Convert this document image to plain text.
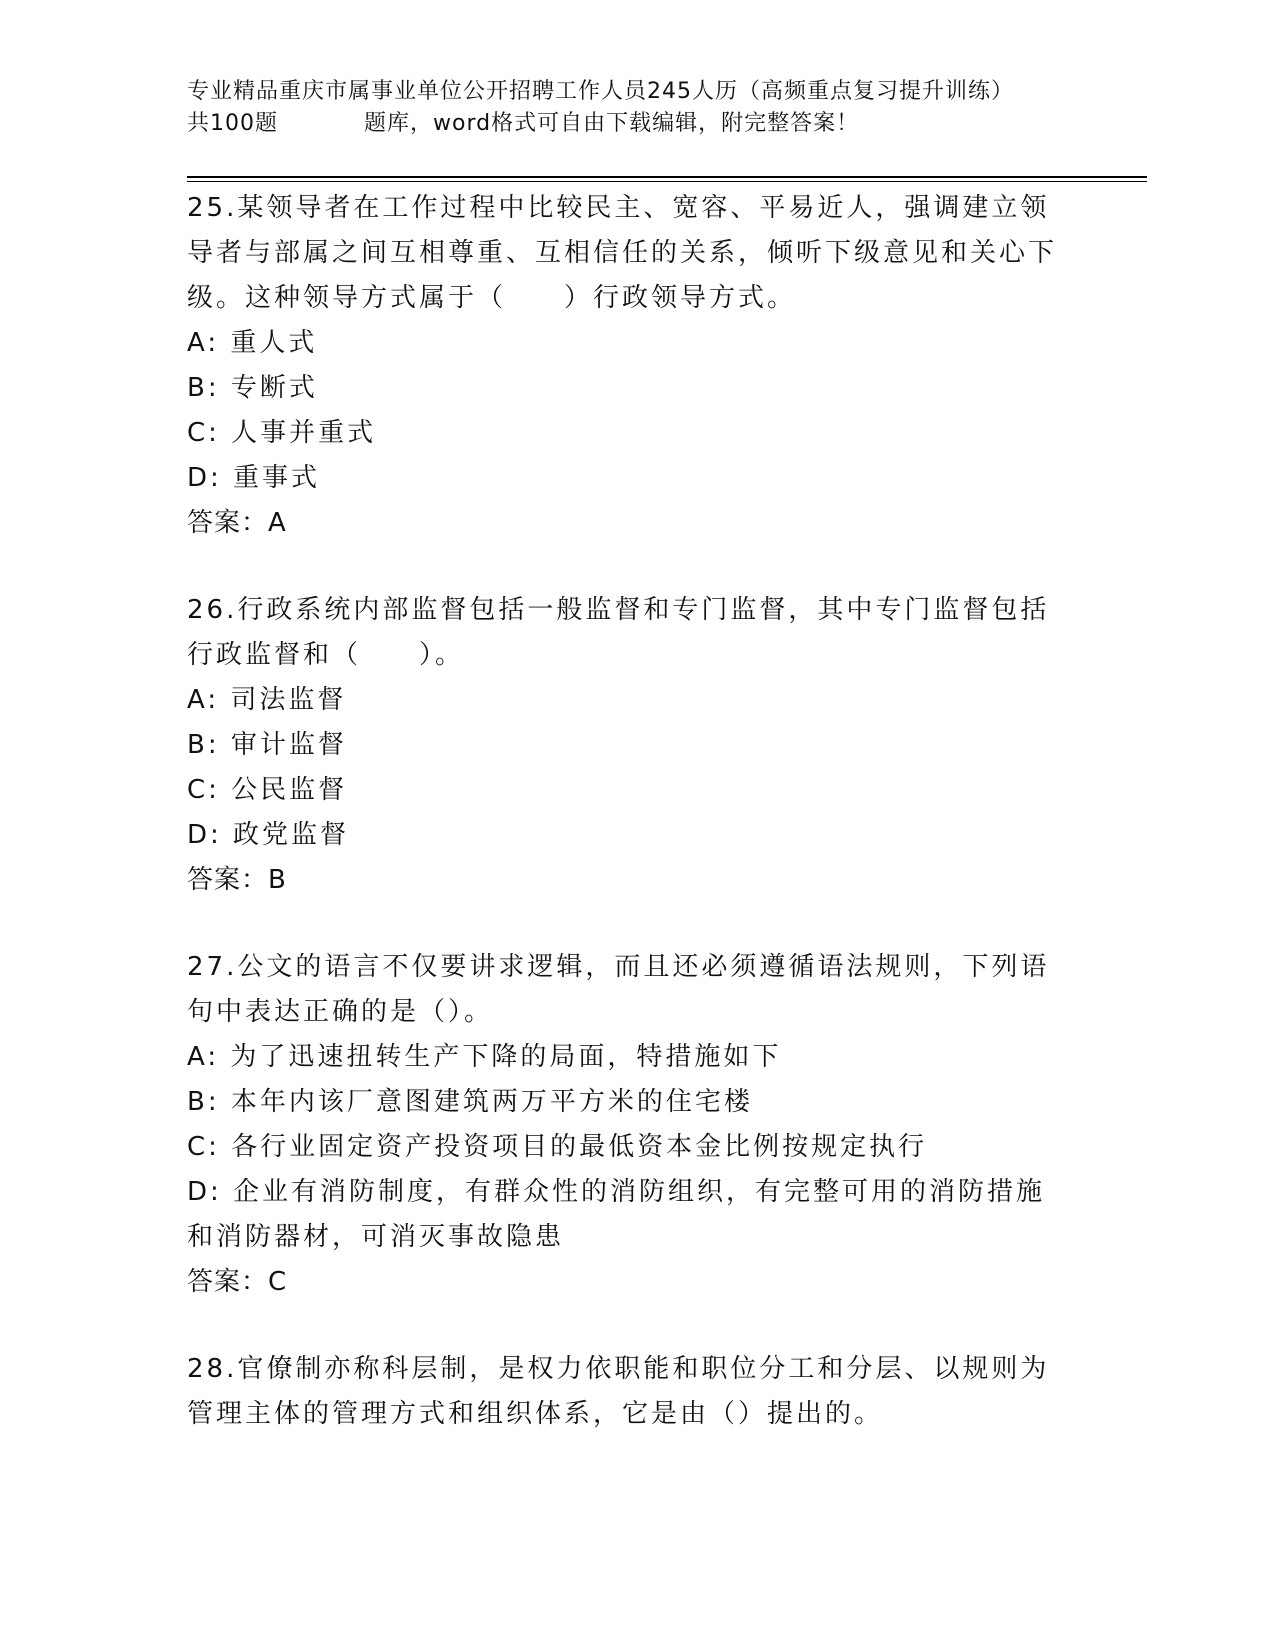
专业精品重庆市属事业单位公开招聘工作人员245人历（高频重点复习提升训练）
共100题	题库，word格式可自由下载编辑，附完整答案！

25.某领导者在工作过程中比较民主、宽容、平易近人，强调建立领导者与部属之间互相尊重、互相信任的关系，倾听下级意见和关心下级。这种领导方式属于（　　）行政领导方式。

A: 重人式

B: 专断式

C: 人事并重式

D: 重事式

答案：A

26.行政系统内部监督包括一般监督和专门监督，其中专门监督包括行政监督和（　　）。

A: 司法监督

B: 审计监督

C: 公民监督

D: 政党监督

答案：B

27.公文的语言不仅要讲求逻辑，而且还必须遵循语法规则，下列语句中表达正确的是（）。

A: 为了迅速扭转生产下降的局面，特措施如下

B: 本年内该厂意图建筑两万平方米的住宅楼

C: 各行业固定资产投资项目的最低资本金比例按规定执行

D: 企业有消防制度，有群众性的消防组织，有完整可用的消防措施和消防器材，可消灭事故隐患

答案：C

28.官僚制亦称科层制，是权力依职能和职位分工和分层、以规则为管理主体的管理方式和组织体系，它是由（）提出的。
